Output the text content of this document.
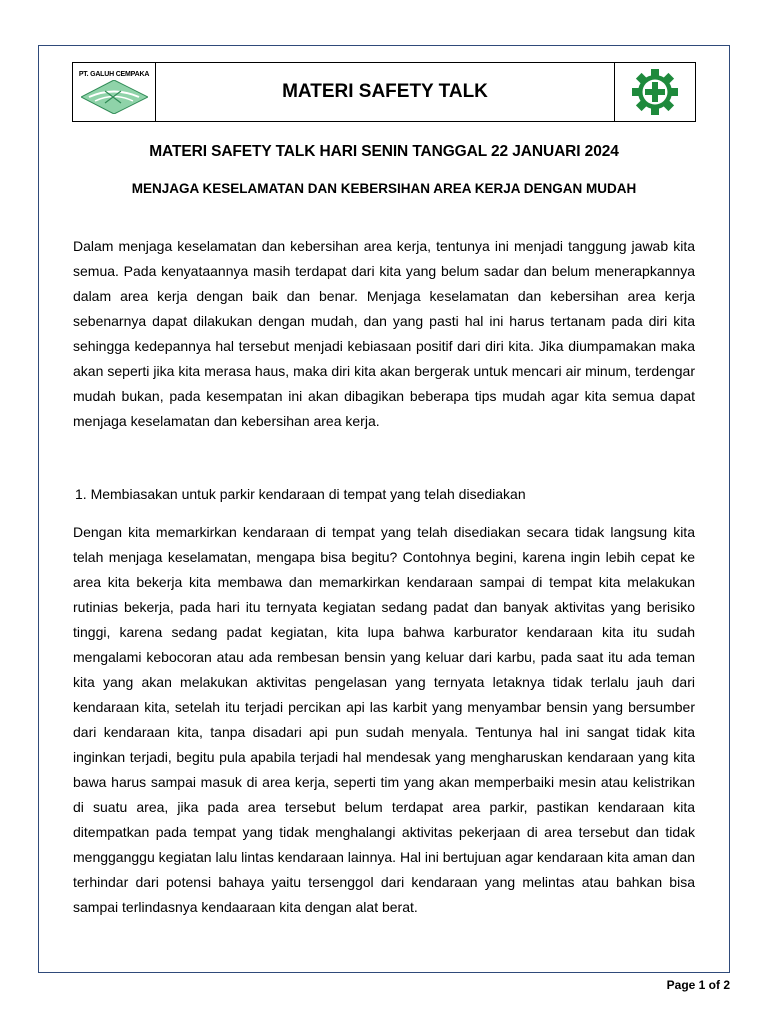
PT. GALUH CEMPAKA
MATERI SAFETY TALK
MATERI SAFETY TALK HARI SENIN TANGGAL 22 JANUARI 2024
MENJAGA KESELAMATAN DAN KEBERSIHAN AREA KERJA DENGAN MUDAH

Dalam menjaga keselamatan dan kebersihan area kerja, tentunya ini menjadi tanggung jawab kita semua. Pada kenyataannya masih terdapat dari kita yang belum sadar dan belum menerapkannya dalam area kerja dengan baik dan benar. Menjaga keselamatan dan kebersihan area kerja sebenarnya dapat dilakukan dengan mudah, dan yang pasti hal ini harus tertanam pada diri kita sehingga kedepannya hal tersebut menjadi kebiasaan positif dari diri kita. Jika diumpamakan maka akan seperti jika kita merasa haus, maka diri kita akan bergerak untuk mencari air minum, terdengar mudah bukan, pada kesempatan ini akan dibagikan beberapa tips mudah agar kita semua dapat menjaga keselamatan dan kebersihan area kerja.

1. Membiasakan untuk parkir kendaraan di tempat yang telah disediakan

Dengan kita memarkirkan kendaraan di tempat yang telah disediakan secara tidak langsung kita telah menjaga keselamatan, mengapa bisa begitu? Contohnya begini, karena ingin lebih cepat ke area kita bekerja kita membawa dan memarkirkan kendaraan sampai di tempat kita melakukan rutinias bekerja, pada hari itu ternyata kegiatan sedang padat dan banyak aktivitas yang berisiko tinggi, karena sedang padat kegiatan, kita lupa bahwa karburator kendaraan kita itu sudah mengalami kebocoran atau ada rembesan bensin yang keluar dari karbu, pada saat itu ada teman kita yang akan melakukan aktivitas pengelasan yang ternyata letaknya tidak terlalu jauh dari kendaraan kita, setelah itu terjadi percikan api las karbit yang menyambar bensin yang bersumber dari kendaraan kita, tanpa disadari api pun sudah menyala. Tentunya hal ini sangat tidak kita inginkan terjadi, begitu pula apabila terjadi hal mendesak yang mengharuskan kendaraan yang kita bawa harus sampai masuk di area kerja, seperti tim yang akan memperbaiki mesin atau kelistrikan di suatu area, jika pada area tersebut belum terdapat area parkir, pastikan kendaraan kita ditempatkan pada tempat yang tidak menghalangi aktivitas pekerjaan di area tersebut dan tidak mengganggu kegiatan lalu lintas kendaraan lainnya. Hal ini bertujuan agar kendaraan kita aman dan terhindar dari potensi bahaya yaitu tersenggol dari kendaraan yang melintas atau bahkan bisa sampai terlindasnya kendaaraan kita dengan alat berat.

Page 1 of 2
